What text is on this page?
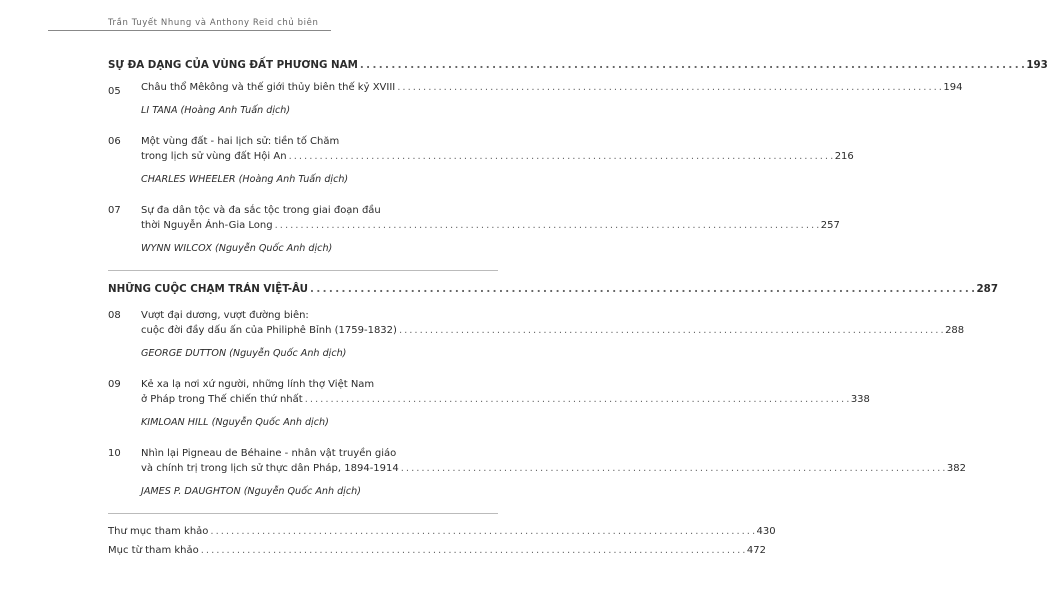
Trần Tuyết Nhung và Anthony Reid chủ biên
SỰ ĐA DẠNG CỦA VÙNG ĐẤT PHƯƠNG NAM . . .	193
05	Châu thổ Mêkông và thế giới thủy biên thế kỷ XVIII . . .	194
LI TANA (Hoàng Anh Tuấn dịch)
06	Một vùng đất - hai lịch sử: tiền tố Chăm
trong lịch sử vùng đất Hội An . . .	216
CHARLES WHEELER (Hoàng Anh Tuấn dịch)
07	Sự đa dân tộc và đa sắc tộc trong giai đoạn đầu
thời Nguyễn Ánh-Gia Long . . .	257
WYNN WILCOX (Nguyễn Quốc Anh dịch)
NHỮNG CUỘC CHẠM TRÁN VIỆT-ÂU . . .	287
08	Vượt đại dương, vượt đường biên:
cuộc đời đầy dấu ấn của Philiphê Bỉnh (1759-1832) . . .	288
GEORGE DUTTON (Nguyễn Quốc Anh dịch)
09	Kẻ xa lạ nơi xứ người, những lính thợ Việt Nam
ở Pháp trong Thế chiến thứ nhất . . .	338
KIMLOAN HILL (Nguyễn Quốc Anh dịch)
10	Nhìn lại Pigneau de Béhaine - nhân vật truyền giáo
và chính trị trong lịch sử thực dân Pháp, 1894-1914 . . .	382
JAMES P. DAUGHTON (Nguyễn Quốc Anh dịch)
Thư mục tham khảo . . .	430
Mục từ tham khảo . . .	472
